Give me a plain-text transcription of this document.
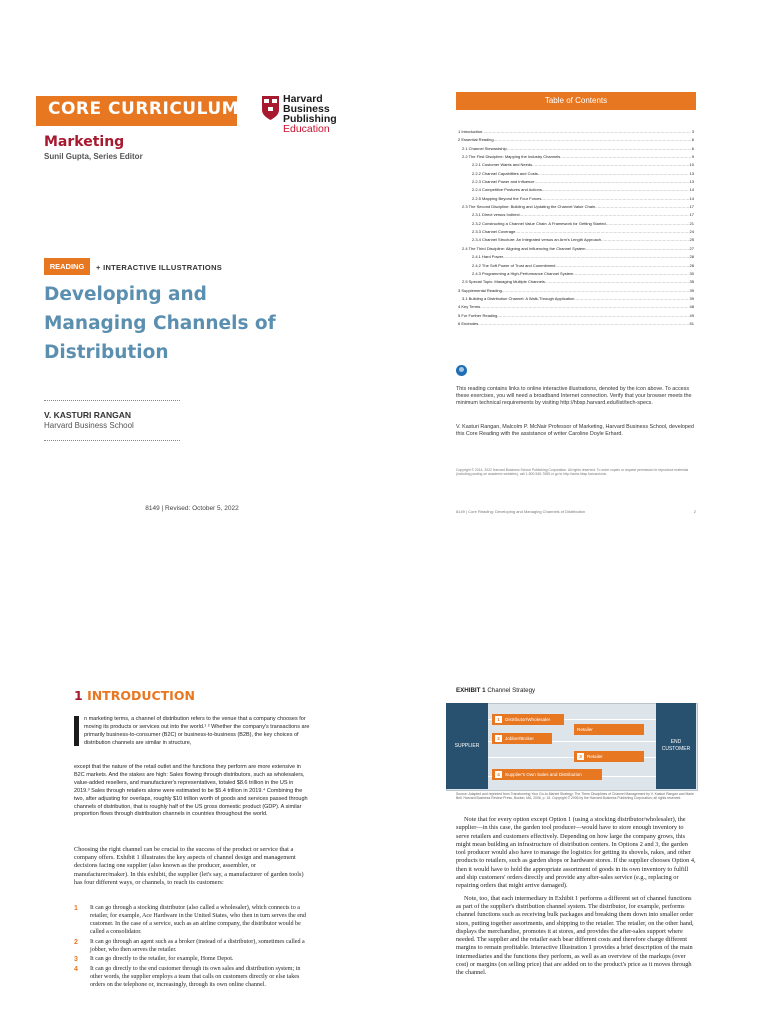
CORE CURRICULUM	Harvard
Business
Publishing
Education
Marketing
Sunil Gupta, Series Editor
READING	+ INTERACTIVE ILLUSTRATIONS
Developing and
Managing Channels of
Distribution
V. KASTURI RANGAN
Harvard Business School
8149 | Revised: October 5, 2022
Table of Contents
1 Introduction .....	3
2 Essential Reading .....	6
2.1 Channel Stewardship .....	6
2.2 The First Discipline: Mapping the Industry Channels .....	9
2.2.1 Customer Wants and Needs .....	10
2.2.2 Channel Capabilities and Costs .....	13
2.2.3 Channel Power and Influence .....	13
2.2.4 Competitive Postures and Actions .....	14
2.2.5 Mapping Beyond the Four Forces .....	14
2.3 The Second Discipline: Building and Updating the Channel Value Chain .....	17
2.3.1 Direct versus Indirect .....	17
2.3.2 Constructing a Channel Value Chain: A Framework for Getting Started .....	21
2.3.3 Channel Coverage .....	24
2.3.4 Channel Structure: An Integrated versus an Arm's Length Approach .....	25
2.4 The Third Discipline: Aligning and Influencing the Channel System .....	27
2.4.1 Hard Power .....	28
2.4.2 The Soft Power of Trust and Commitment .....	28
2.4.3 Programming a High-Performance Channel System .....	30
2.5 Special Topic: Managing Multiple Channels .....	35
3 Supplemental Reading .....	39
3.1 Building a Distribution Channel: A Walk-Through Application .....	39
4 Key Terms .....	48
5 For Further Reading .....	49
6 Endnotes .....	51
This reading contains links to online interactive illustrations, denoted by the icon above. To access these exercises, you will need a broadband Internet connection. Verify that your browser meets the minimum technical requirements by visiting http://hbsp.harvard.edu/list/tech-specs.
V. Kasturi Rangan, Malcolm P. McNair Professor of Marketing, Harvard Business School, developed this Core Reading with the assistance of writer Caroline Doyle Erhard.
Copyright © 2014, 2022 Harvard Business School Publishing Corporation. All rights reserved. To order copies or request permission to reproduce materials (including posting on academic websites), call 1-800-545-7685 or go to http://www.hbsp.harvard.edu.
8149 | Core Reading: Developing and Managing Channels of Distribution	2
1 INTRODUCTION
n marketing terms, a channel of distribution refers to the venue that a company chooses for moving its products or services out into the world.¹ ² Whether the company's transactions are primarily business-to-consumer (B2C) or business-to-business (B2B), the key choices of distribution channels are similar in structure,
except that the nature of the retail outlet and the functions they perform are more extensive in B2C markets. And the stakes are high: Sales flowing through distributors, such as wholesalers, value-added resellers, and manufacturer's representatives, totaled $8.6 trillion in the US in 2019.³ Sales through retailers alone were estimated to be $5.4 trillion in 2019.⁴ Combining the two, after adjusting for overlaps, roughly $10 trillion worth of goods and services passed through channels of distribution, that is roughly half of the US gross domestic product (GDP). A similar proportion flows through distribution channels in countries throughout the world.
Choosing the right channel can be crucial to the success of the product or service that a company offers. Exhibit 1 illustrates the key aspects of channel design and management decisions facing one supplier (also known as the producer, assembler, or manufacturer/maker). In this exhibit, the supplier (let's say, a manufacturer of garden tools) has four different ways, or channels, to reach its customers:
1	It can go through a stocking distributor (also called a wholesaler), which connects to a retailer, for example, Ace Hardware in the United States, who then in turn serves the end customer. In the case of a service, such as an airline company, the distributor would be called a consolidator.
2	It can go through an agent such as a broker (instead of a distributor), sometimes called a jobber, who then serves the retailer.
3	It can go directly to the retailer, for example, Home Depot.
4	It can go directly to the end customer through its own sales and distribution system; in other words, the supplier employs a team that calls on customers directly or else takes orders on the telephone or, increasingly, through its own online channel.
EXHIBIT 1 Channel Strategy
SUPPLIER
END
CUSTOMER
1 Distributor/Wholesaler
Retailer
2 Jobber/Broker
3 Retailer
4 Supplier's Own Sales and Distribution
Source: Adapted and reprinted from Transforming Your Go-to-Market Strategy: The Three Disciplines of Channel Management by V. Kasturi Rangan and Marie Bell. Harvard Business Review Press, Boston, MA, 2006, p. 15. Copyright © 2006 by the Harvard Business Publishing Corporation; all rights reserved.

Note that for every option except Option 1 (using a stocking distributor/wholesaler), the supplier—in this case, the garden tool producer—would have to store enough inventory to serve retailers and customers effectively. Depending on how large the company grows, this might mean building an infrastructure of distribution centers. In Options 2 and 3, the garden tool producer would also have to manage the logistics for getting its shovels, rakes, and other products to retailers, such as garden shops or hardware stores. If the supplier chooses Option 4, then it would have to hold the appropriate assortment of goods in its own inventory to fulfill and ship customers' orders directly and provide any after-sales service (e.g., replacing or repairing orders that might arrive damaged).

Note, too, that each intermediary in Exhibit 1 performs a different set of channel functions as part of the supplier's distribution channel system. The distributor, for example, performs channel functions such as receiving bulk packages and breaking them down into smaller order sizes, putting together assortments, and shipping to the retailer. The retailer, on the other hand, displays the merchandise, promotes it at stores, and provides the after-sales support where needed. The supplier and the retailer each bear different costs and therefore charge different margins to remain profitable. Interactive Illustration 1 provides a brief description of the main intermediaries and the functions they perform, as well as an overview of the markups (over cost) or margins (on selling price) that are added on to the product's price as it moves through the channel.
